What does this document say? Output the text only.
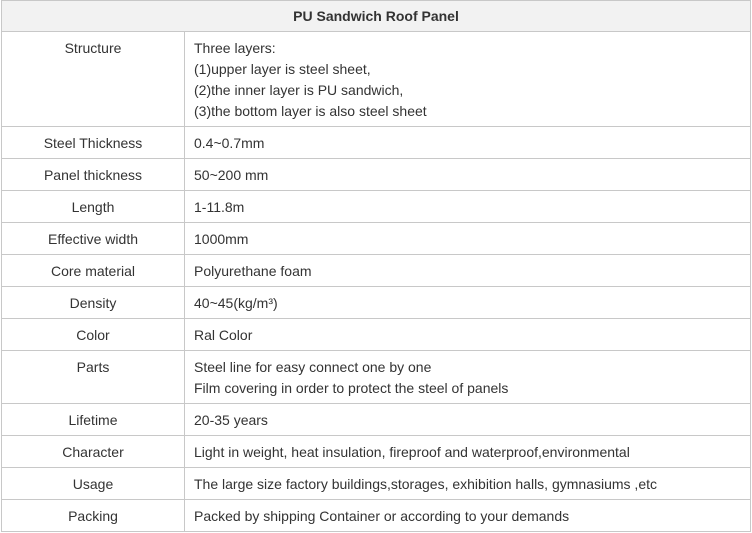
PU Sandwich Roof Panel	
Structure	Three layers:
(1)upper layer is steel sheet,
(2)the inner layer is PU sandwich,
(3)the bottom layer is also steel sheet

Steel Thickness	0.4~0.7mm

Panel thickness	50~200 mm

Length	1-11.8m

Effective width	1000mm

Core material	Polyurethane foam

Density	40~45(kg/m³)

Color	Ral Color

Parts	Steel line for easy connect one by one
Film covering in order to protect the steel of panels

Lifetime	20-35 years

Character	Light in weight, heat insulation, fireproof and waterproof,environmental

Usage	The large size factory buildings,storages, exhibition halls, gymnasiums ,etc

Packing	Packed by shipping Container or according to your demands
